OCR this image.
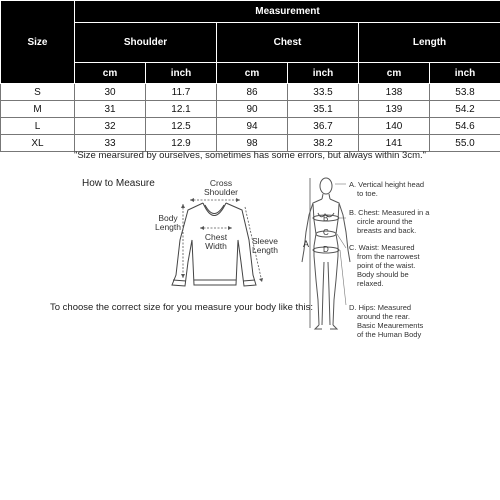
Size	Measurement					
	Shoulder		Chest		Length	
	cm	inch	cm	inch	cm	inch
S	30	11.7	86	33.5	138	53.8
M	31	12.1	90	35.1	139	54.2
L	32	12.5	94	36.7	140	54.6
XL	33	12.9	98	38.2	141	55.0
"Size mearsured by ourselves, sometimes has some errors, but always within 3cm."
How to Measure	Cross
Shoulder
Body
Length
Chest
Width	Sleeve
Length
To choose the correct size for you measure your body like this:
A
B
C
D
A. Vertical height head
to toe.
B. Chest: Measured in a
circle around the
breasts and back.
C. Waist: Measured
from the narrowest
point of the waist.
Body should be
relaxed.
D. Hips: Measured
around the rear.
Basic Meaurements
of the Human Body
